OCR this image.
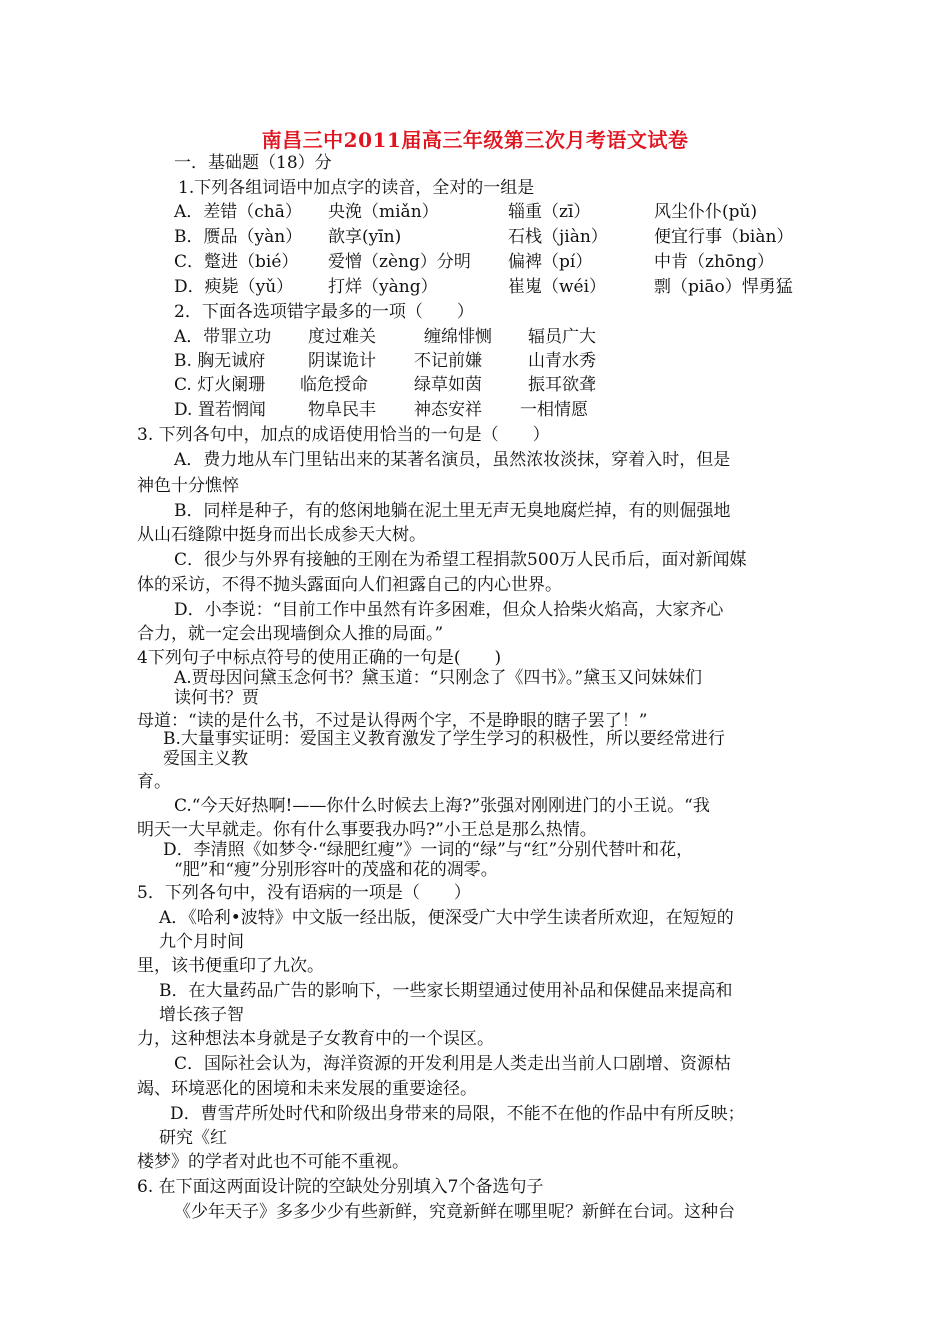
南昌三中2011届高三年级第三次月考语文试卷
一．基础题（18）分
1.下列各组词语中加点字的读音，全对的一组是
A．差错（chā） 央浼（miǎn）	辎重（zī）	风尘仆仆(pǔ)
B．赝品（yàn） 歆享(yīn)	石栈（jiàn）	便宜行事（biàn）
C．蹩进（bié） 爱憎（zèng）分明 偏裨（pí）	中肯（zhōng）
D．瘐毙（yǔ） 打烊（yàng）	崔嵬（wéi）	剽（piāo）悍勇猛
2．下面各选项错字最多的一项（　　）
A．带罪立功 度过难关	缠绵悱恻 辐员广大
B. 胸无诚府	阴谋诡计 不记前嫌	山青水秀
C. 灯火阑珊 临危授命	绿草如茵	振耳欲聋
D. 置若惘闻 物阜民丰 神态安祥 一相情愿
3. 下列各句中，加点的成语使用恰当的一句是（　　）
A．费力地从车门里钻出来的某著名演员，虽然浓妆淡抹，穿着入时，但是
神色十分憔悴
B．同样是种子，有的悠闲地躺在泥土里无声无臭地腐烂掉，有的则倔强地
从山石缝隙中挺身而出长成参天大树。
C．很少与外界有接触的王刚在为希望工程捐款500万人民币后，面对新闻媒
体的采访，不得不抛头露面向人们袒露自己的内心世界。
D．小李说：“目前工作中虽然有许多困难，但众人拾柴火焰高，大家齐心
合力，就一定会出现墙倒众人推的局面。”
4下列句子中标点符号的使用正确的一句是(　　)
A.贾母因问黛玉念何书？黛玉道：“只刚念了《四书》。”黛玉又问妹妹们
读何书？贾
母道：“读的是什么书，不过是认得两个字，不是睁眼的瞎子罢了！”
B.大量事实证明：爱国主义教育激发了学生学习的积极性，所以要经常进行
爱国主义教
育。
C.“今天好热啊!——你什么时候去上海?”张强对刚刚进门的小王说。“我
明天一大早就走。你有什么事要我办吗?”小王总是那么热情。
D．李清照《如梦令·“绿肥红瘦”》一词的“绿”与“红”分别代替叶和花，
“肥”和“瘦”分别形容叶的茂盛和花的凋零。
5．下列各句中，没有语病的一项是（　　）
A．《哈利•波特》中文版一经出版，便深受广大中学生读者所欢迎，在短短的
九个月时间
里，该书便重印了九次。
B．在大量药品广告的影响下，一些家长期望通过使用补品和保健品来提高和
增长孩子智
力，这种想法本身就是子女教育中的一个误区。
C．国际社会认为，海洋资源的开发利用是人类走出当前人口剧增、资源枯
竭、环境恶化的困境和未来发展的重要途径。
D．曹雪芹所处时代和阶级出身带来的局限，不能不在他的作品中有所反映；
研究《红
楼梦》的学者对此也不可能不重视。
6. 在下面这两面设计院的空缺处分别填入7个备选句子
《少年天子》多多少少有些新鲜，究竟新鲜在哪里呢？新鲜在台词。这种台
